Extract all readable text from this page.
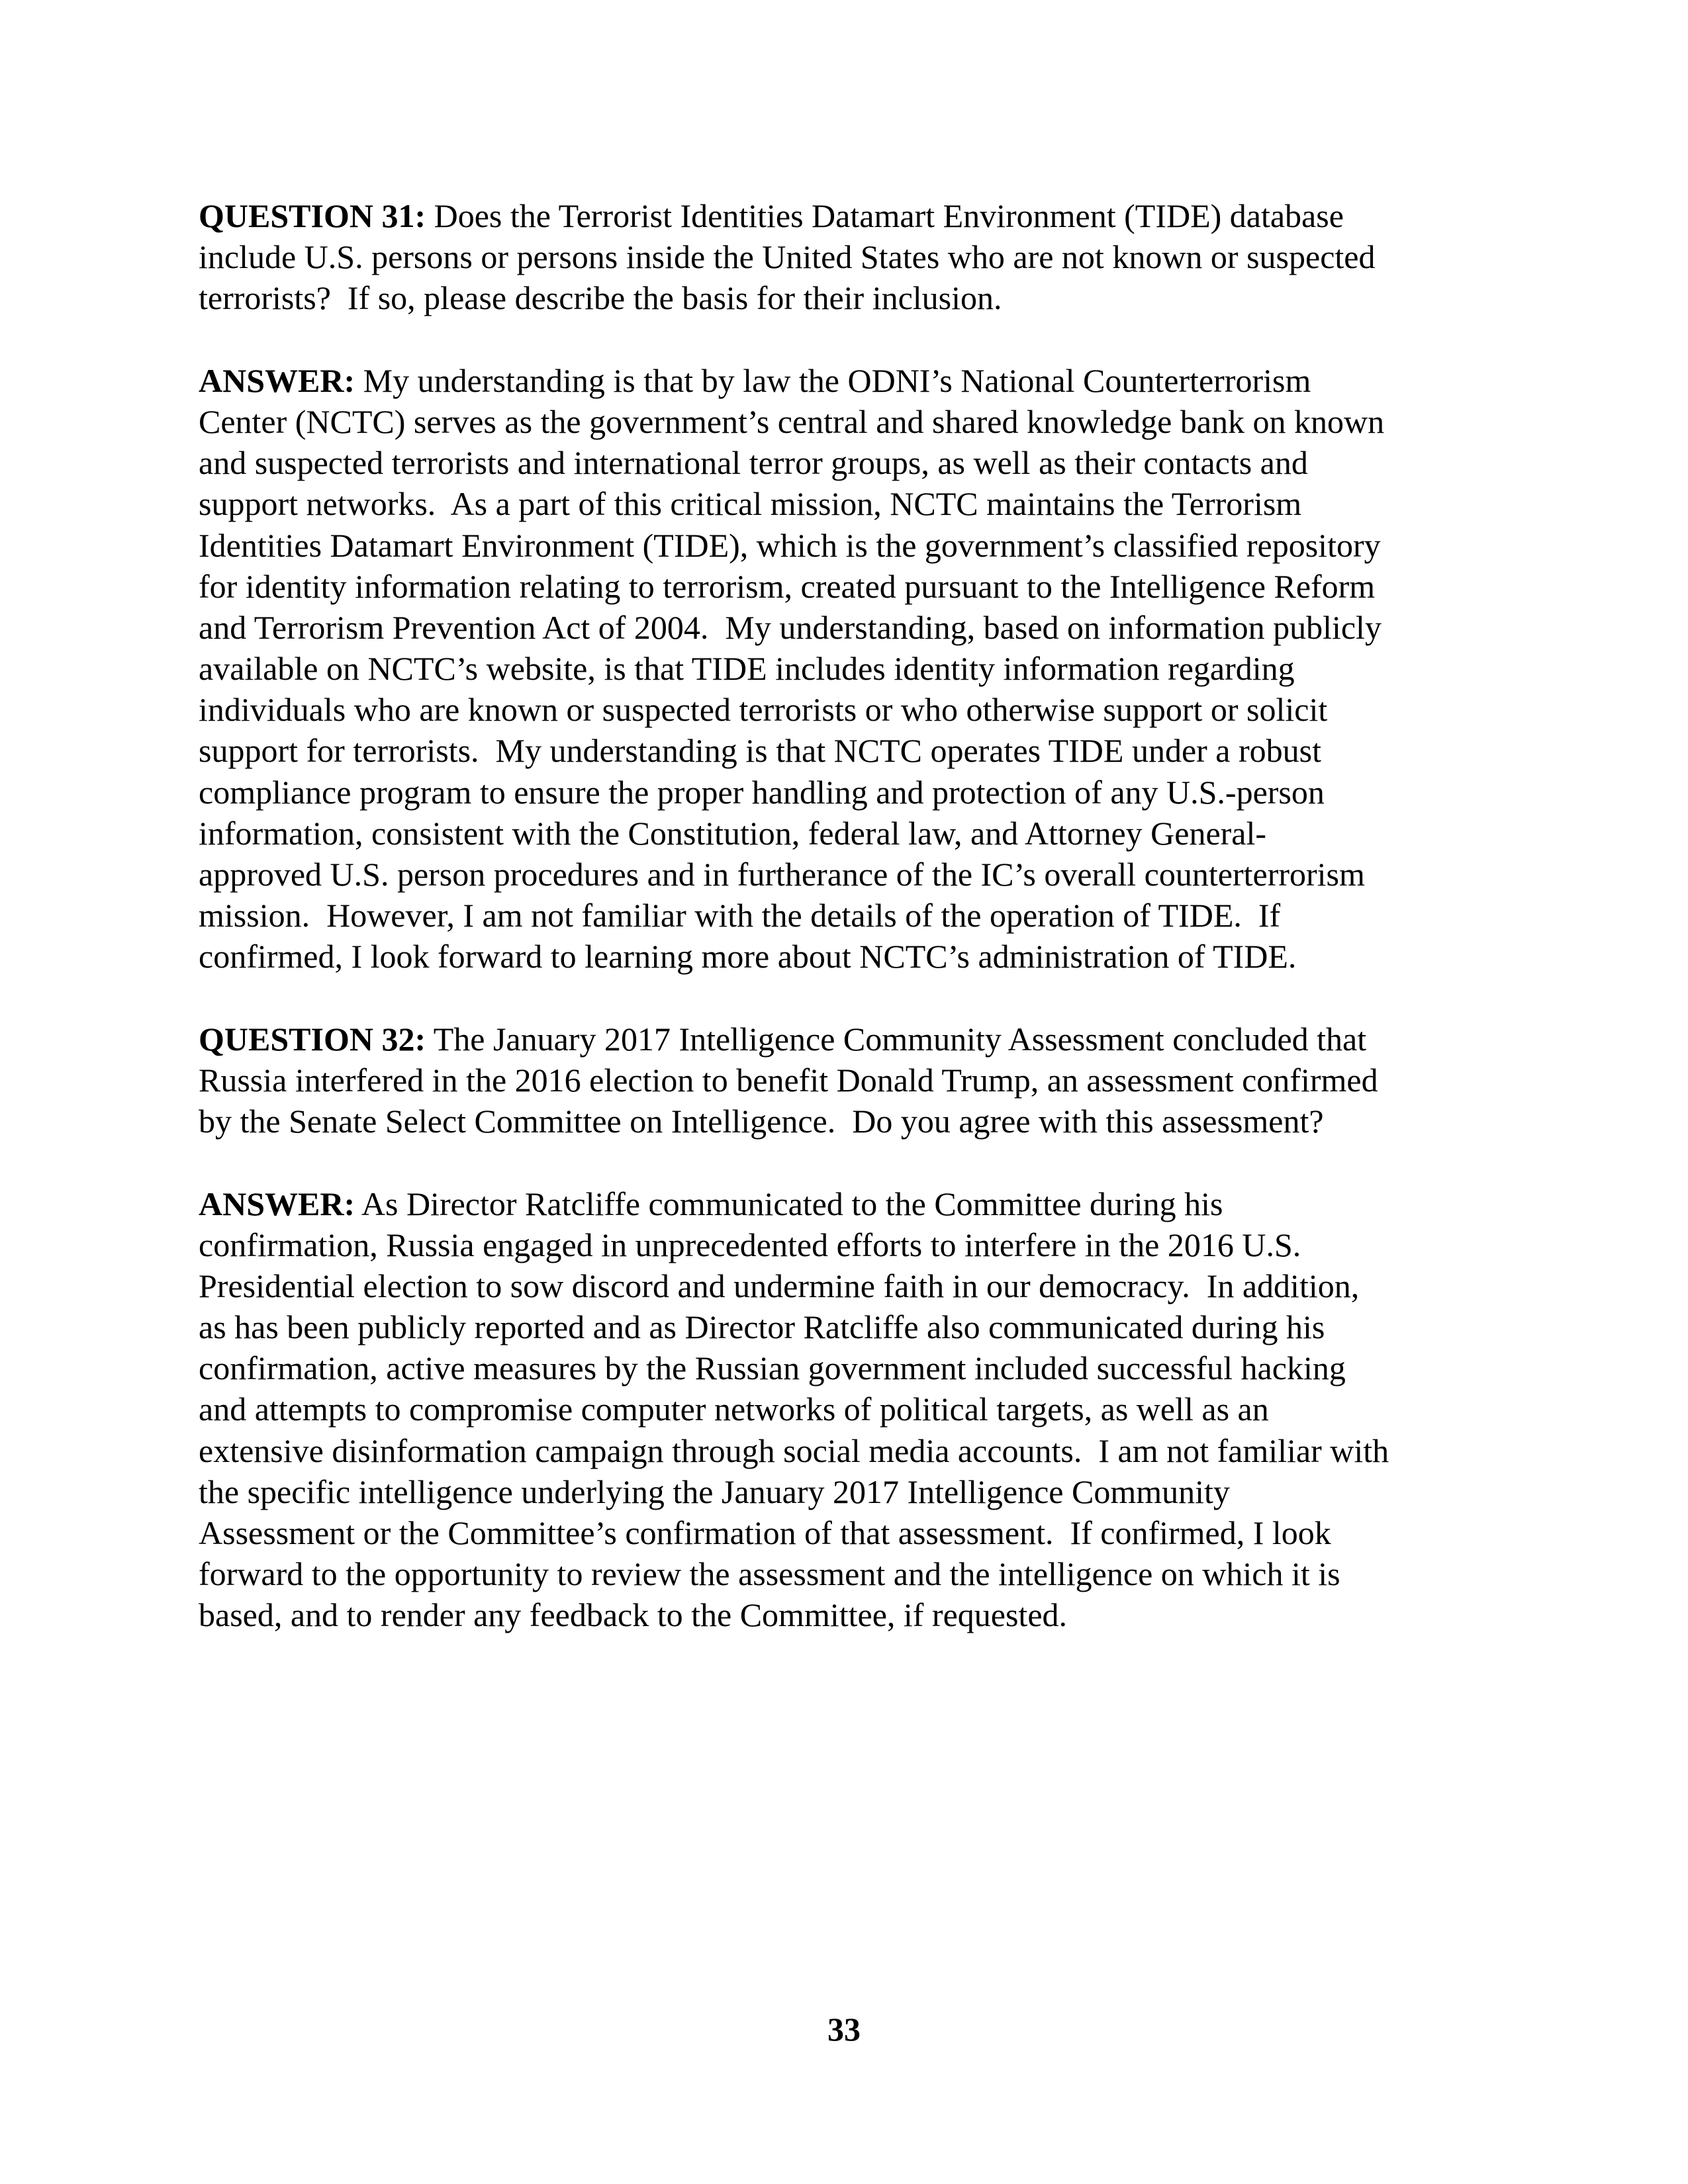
QUESTION 31: Does the Terrorist Identities Datamart Environment (TIDE) database
include U.S. persons or persons inside the United States who are not known or suspected
terrorists?  If so, please describe the basis for their inclusion.
ANSWER: My understanding is that by law the ODNI’s National Counterterrorism
Center (NCTC) serves as the government’s central and shared knowledge bank on known
and suspected terrorists and international terror groups, as well as their contacts and
support networks.  As a part of this critical mission, NCTC maintains the Terrorism
Identities Datamart Environment (TIDE), which is the government’s classified repository
for identity information relating to terrorism, created pursuant to the Intelligence Reform
and Terrorism Prevention Act of 2004.  My understanding, based on information publicly
available on NCTC’s website, is that TIDE includes identity information regarding
individuals who are known or suspected terrorists or who otherwise support or solicit
support for terrorists.  My understanding is that NCTC operates TIDE under a robust
compliance program to ensure the proper handling and protection of any U.S.-person
information, consistent with the Constitution, federal law, and Attorney General-
approved U.S. person procedures and in furtherance of the IC’s overall counterterrorism
mission.  However, I am not familiar with the details of the operation of TIDE.  If
confirmed, I look forward to learning more about NCTC’s administration of TIDE.
QUESTION 32: The January 2017 Intelligence Community Assessment concluded that
Russia interfered in the 2016 election to benefit Donald Trump, an assessment confirmed
by the Senate Select Committee on Intelligence.  Do you agree with this assessment?
ANSWER: As Director Ratcliffe communicated to the Committee during his
confirmation, Russia engaged in unprecedented efforts to interfere in the 2016 U.S.
Presidential election to sow discord and undermine faith in our democracy.  In addition,
as has been publicly reported and as Director Ratcliffe also communicated during his
confirmation, active measures by the Russian government included successful hacking
and attempts to compromise computer networks of political targets, as well as an
extensive disinformation campaign through social media accounts.  I am not familiar with
the specific intelligence underlying the January 2017 Intelligence Community
Assessment or the Committee’s confirmation of that assessment.  If confirmed, I look
forward to the opportunity to review the assessment and the intelligence on which it is
based, and to render any feedback to the Committee, if requested.
33
